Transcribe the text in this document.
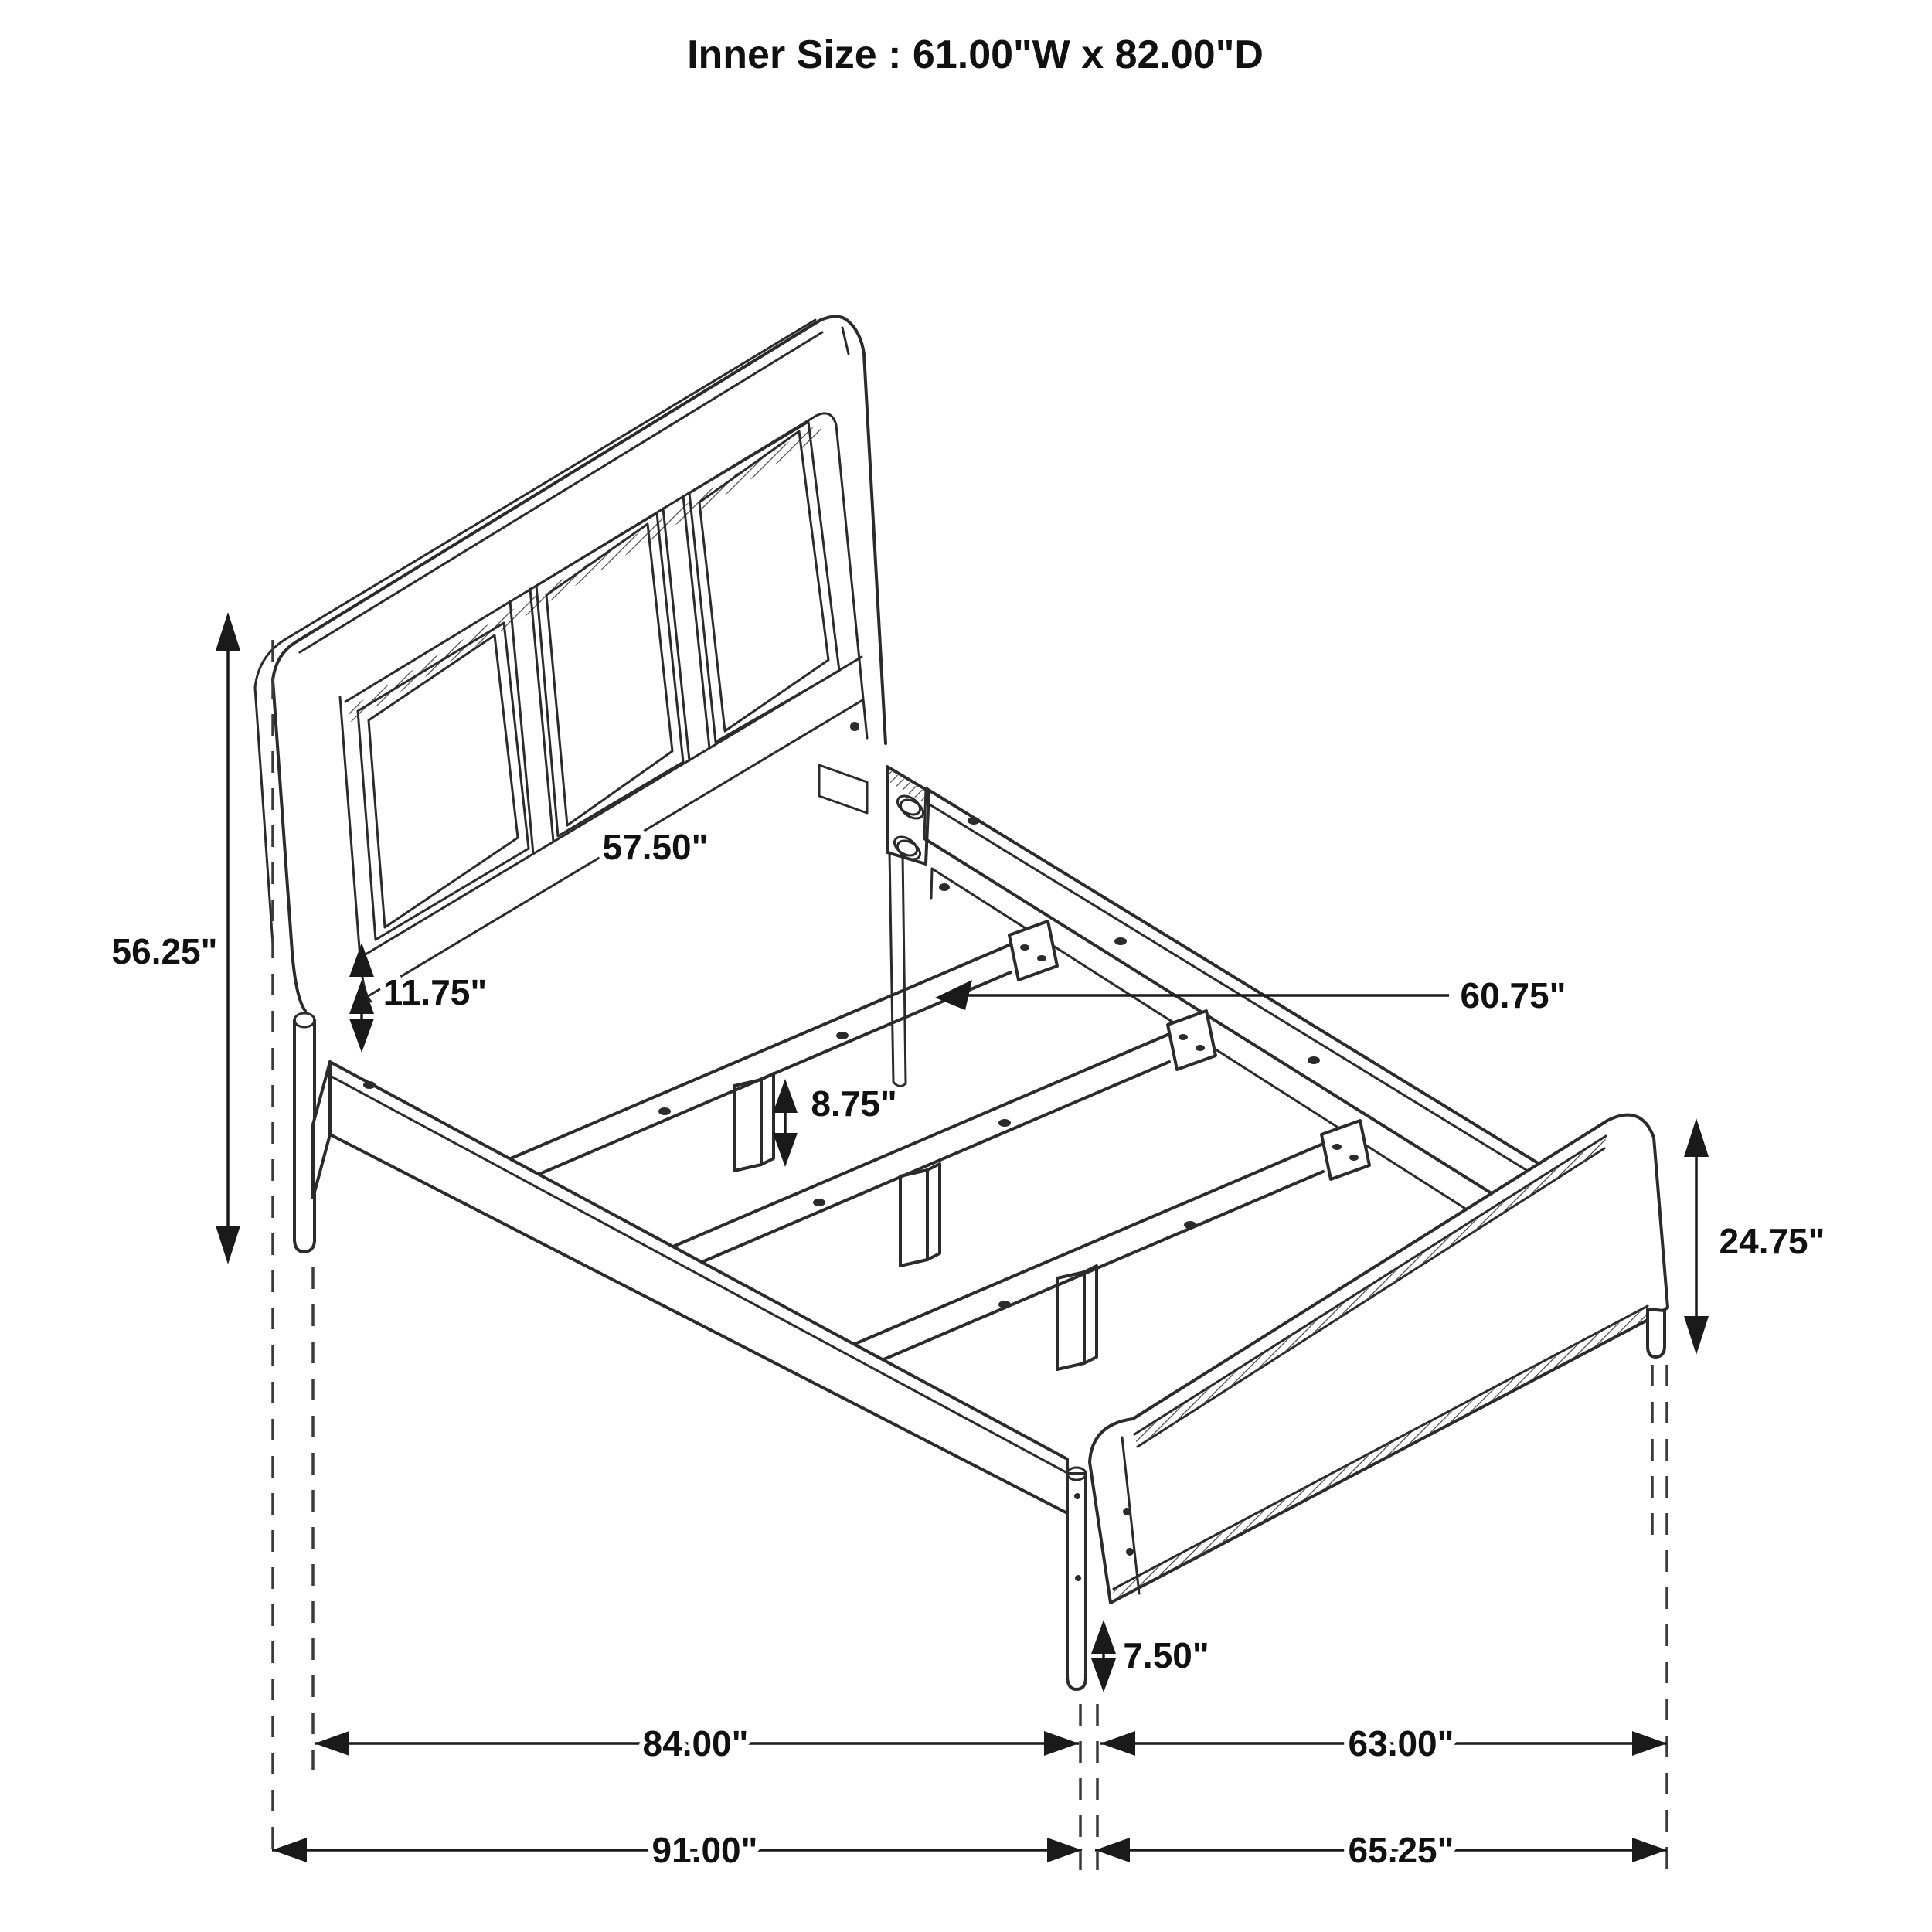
56.25"
11.75"
57.50"
60.75"
8.75"
24.75"
7.50"
84.00"	63.00"
91.00"	65.25"
Inner Size : 61.00"W x 82.00"D
